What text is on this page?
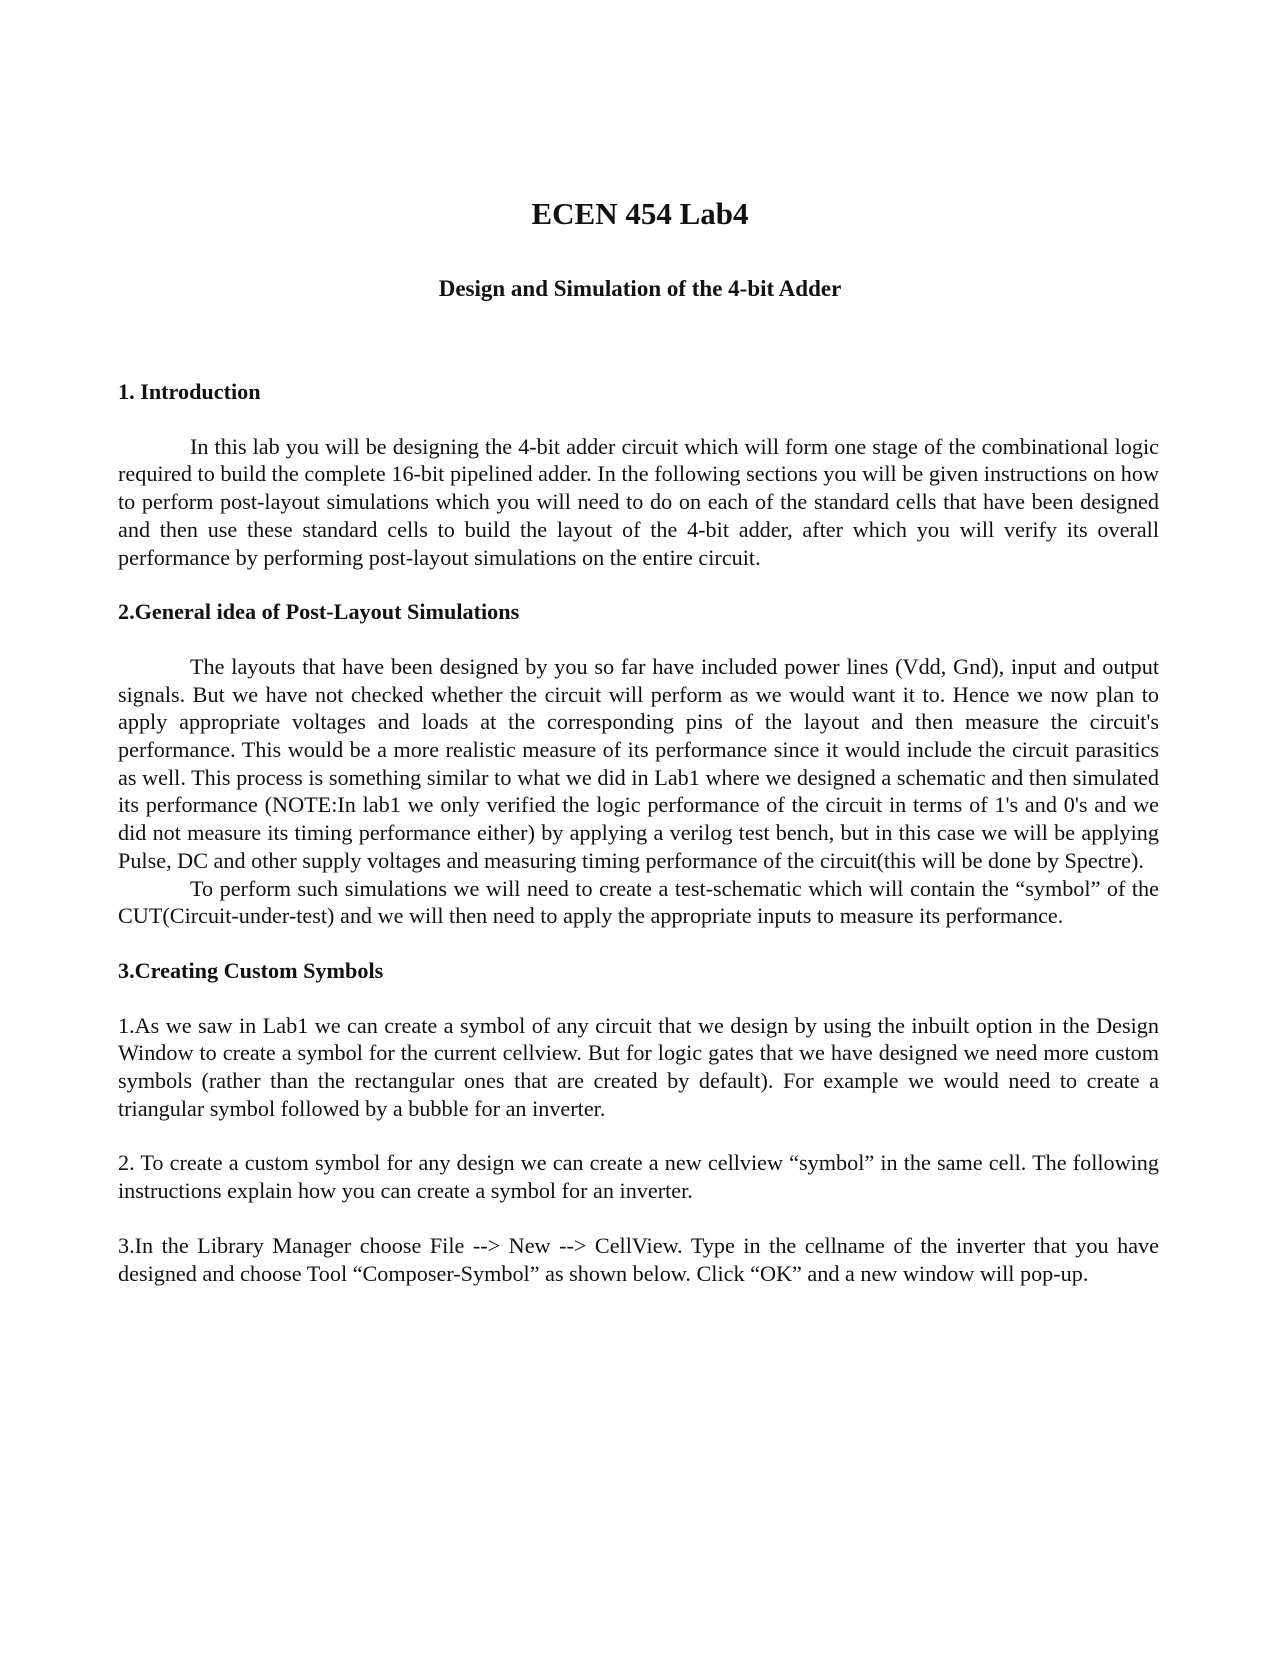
ECEN 454 Lab4
Design and Simulation of the 4-bit Adder
1. Introduction

In this lab you will be designing the 4-bit adder circuit which will form one stage of the combinational logic required to build the complete 16-bit pipelined adder. In the following sections you will be given instructions on how to perform post-layout simulations which you will need to do on each of the standard cells that have been designed and then use these standard cells to build the layout of the 4-bit adder, after which you will verify its overall performance by performing post-layout simulations on the entire circuit.

2.General idea of Post-Layout Simulations

The layouts that have been designed by you so far have included power lines (Vdd, Gnd), input and output signals. But we have not checked whether the circuit will perform as we would want it to. Hence we now plan to apply appropriate voltages and loads at the corresponding pins of the layout and then measure the circuit's performance. This would be a more realistic measure of its performance since it would include the circuit parasitics as well. This process is something similar to what we did in Lab1 where we designed a schematic and then simulated its performance (NOTE:In lab1 we only verified the logic performance of the circuit in terms of 1's and 0's and we did not measure its timing performance either) by applying a verilog test bench, but in this case we will be applying Pulse, DC and other supply voltages and measuring timing performance of the circuit(this will be done by Spectre).

To perform such simulations we will need to create a test-schematic which will contain the “symbol” of the CUT(Circuit-under-test) and we will then need to apply the appropriate inputs to measure its performance.

3.Creating Custom Symbols

1.As we saw in Lab1 we can create a symbol of any circuit that we design by using the inbuilt option in the Design Window to create a symbol for the current cellview. But for logic gates that we have designed we need more custom symbols (rather than the rectangular ones that are created by default). For example we would need to create a triangular symbol followed by a bubble for an inverter.

2. To create a custom symbol for any design we can create a new cellview “symbol” in the same cell. The following instructions explain how you can create a symbol for an inverter.

3.In the Library Manager choose File --> New --> CellView. Type in the cellname of the inverter that you have designed and choose Tool “Composer-Symbol” as shown below. Click “OK” and a new window will pop-up.
